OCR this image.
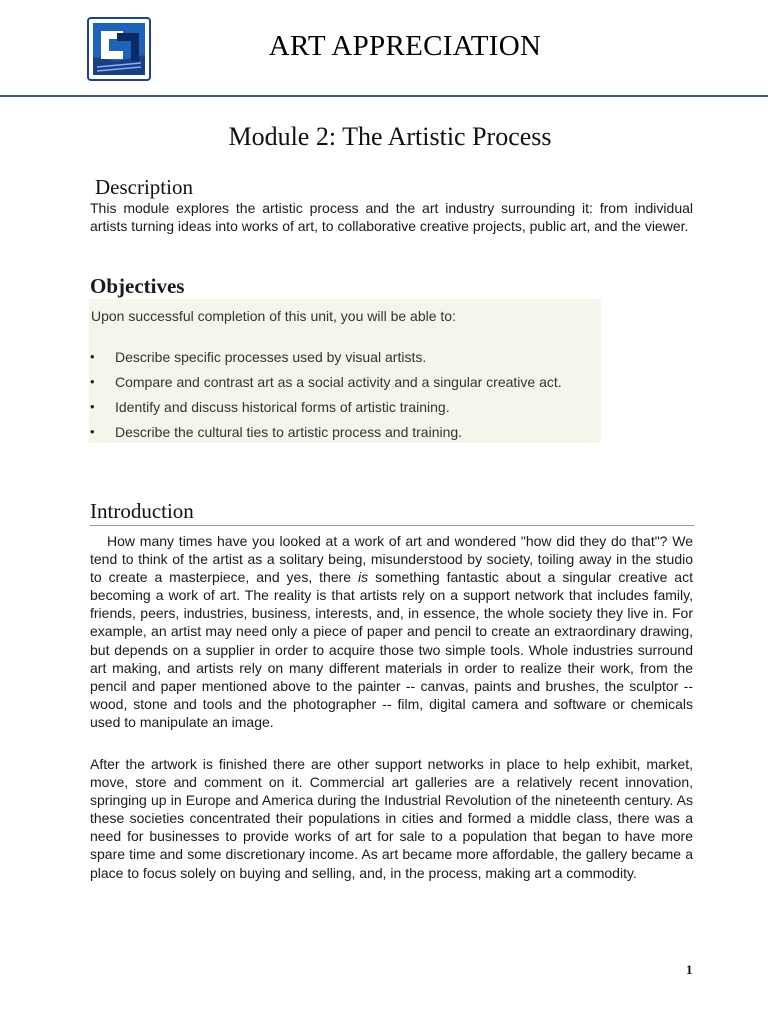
ART APPRECIATION
Module 2: The Artistic Process
Description
This module explores the artistic process and the art industry surrounding it: from individual artists turning ideas into works of art, to collaborative creative projects, public art, and the viewer.
Objectives
Upon successful completion of this unit, you will be able to:
• Describe specific processes used by visual artists.
• Compare and contrast art as a social activity and a singular creative act.
• Identify and discuss historical forms of artistic training.
• Describe the cultural ties to artistic process and training.
Introduction

How many times have you looked at a work of art and wondered "how did they do that"? We tend to think of the artist as a solitary being, misunderstood by society, toiling away in the studio to create a masterpiece, and yes, there is something fantastic about a singular creative act becoming a work of art. The reality is that artists rely on a support network that includes family, friends, peers, industries, business, interests, and, in essence, the whole society they live in. For example, an artist may need only a piece of paper and pencil to create an extraordinary drawing, but depends on a supplier in order to acquire those two simple tools. Whole industries surround art making, and artists rely on many different materials in order to realize their work, from the pencil and paper mentioned above to the painter -- canvas, paints and brushes, the sculptor -- wood, stone and tools and the photographer -- film, digital camera and software or chemicals used to manipulate an image.

After the artwork is finished there are other support networks in place to help exhibit, market, move, store and comment on it. Commercial art galleries are a relatively recent innovation, springing up in Europe and America during the Industrial Revolution of the nineteenth century. As these societies concentrated their populations in cities and formed a middle class, there was a need for businesses to provide works of art for sale to a population that began to have more spare time and some discretionary income. As art became more affordable, the gallery became a place to focus solely on buying and selling, and, in the process, making art a commodity.

1
